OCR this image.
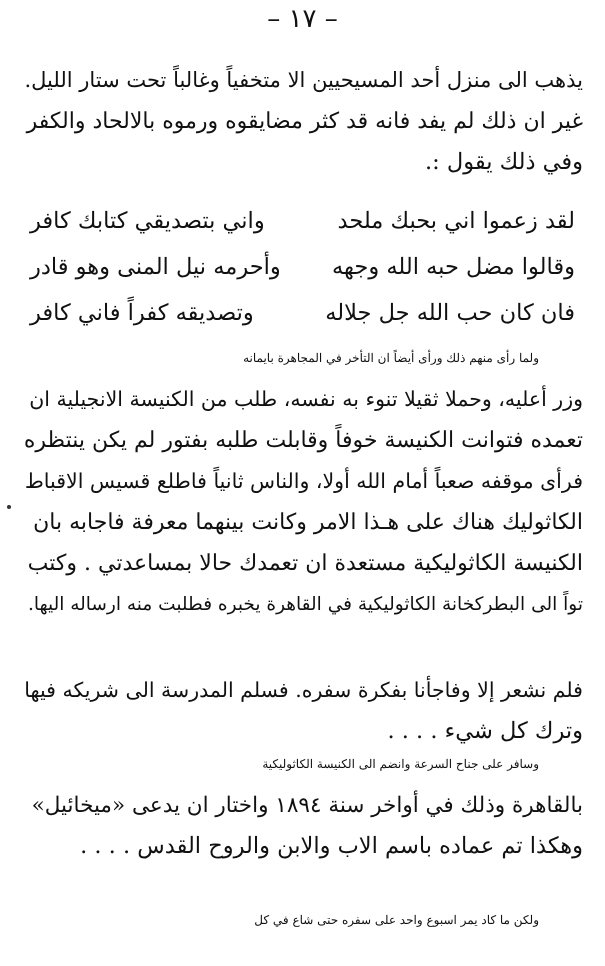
– ١٧ –
يذهب الى منزل أحد المسيحيين الا متخفياً وغالباً تحت ستار الليل.
غير ان ذلك لم يفد فانه قد كثر مضايقوه ورموه بالالحاد والكفر
وفي ذلك يقول :.
لقد زعموا اني بحبك ملحد
واني بتصديقي كتابك كافر
وقالوا مضل حبه الله وجهه
وأحرمه نيل المنى وهو قادر
فان كان حب الله جل جلاله
وتصديقه كفراً فاني كافر
ولما رأى منهم ذلك ورأى أيضاً ان التأخر في المجاهرة بايمانه
وزر أعليه، وحملا ثقيلا تنوء به نفسه، طلب من الكنيسة الانجيلية ان
تعمده فتوانت الكنيسة خوفاً وقابلت طلبه بفتور لم يكن ينتظره
فرأى موقفه صعباً أمام الله أولا، والناس ثانياً فاطلع قسيس الاقباط
الكاثوليك هناك على هـذا الامر وكانت بينهما معرفة فاجابه بان
الكنيسة الكاثوليكية مستعدة ان تعمدك حالا بمساعدتي . وكتب
تواً الى البطركخانة الكاثوليكية في القاهرة يخبره فطلبت منه ارساله اليها.
فلم نشعر إلا وفاجأنا بفكرة سفره. فسلم المدرسة الى شريكه فيها
وترك كل شيء . . . .
وسافر على جناح السرعة وانضم الى الكنيسة الكاثوليكية
بالقاهرة وذلك في أواخر سنة ١٨٩٤ واختار ان يدعى «ميخائيل»
وهكذا تم عماده باسم الاب والابن والروح القدس . . . .
ولكن ما كاد يمر اسبوع واحد على سفره حتى شاع في كل
